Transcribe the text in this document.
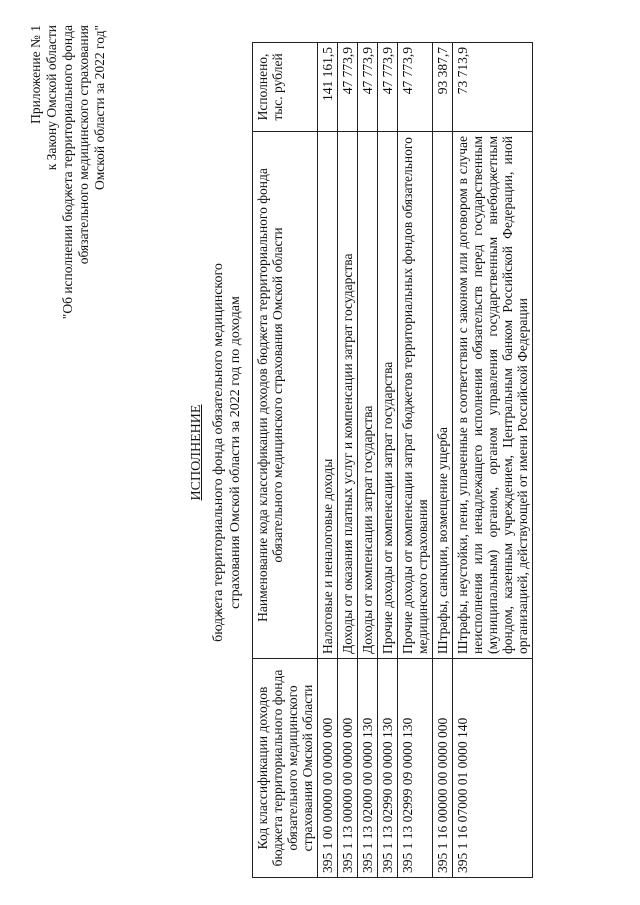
Приложение № 1 к Закону Омской области "Об исполнении бюджета территориального фонда обязательного медицинского страхования Омской области за 2022 год"
ИСПОЛНЕНИЕ бюджета территориального фонда обязательного медицинского страхования Омской области за 2022 год по доходам
Код классификации доходов бюджета территориального фонда обязательного медицинского страхования Омской области	Наименование кода классификации доходов бюджета территориального фонда обязательного медицинского страхования Омской области	Исполнено, тыс. рублей
395 1 00 00000 00 0000 000	Налоговые и неналоговые доходы	141 161,5
395 1 13 00000 00 0000 000	Доходы от оказания платных услуг и компенсации затрат государства	47 773,9
395 1 13 02000 00 0000 130	Доходы от компенсации затрат государства	47 773,9
395 1 13 02990 00 0000 130	Прочие доходы от компенсации затрат государства	47 773,9
395 1 13 02999 09 0000 130	Прочие доходы от компенсации затрат бюджетов территориальных фондов обязательного медицинского страхования	47 773,9
395 1 16 00000 00 0000 000	Штрафы, санкции, возмещение ущерба	93 387,7
395 1 16 07000 01 0000 140	Штрафы, неустойки, пени, уплаченные в соответствии с законом или договором в случае неисполнения или ненадлежащего исполнения обязательств перед государственным (муниципальным) органом, органом управления государственным внебюджетным фондом, казенным учреждением, Центральным банком Российской Федерации, иной организацией, действующей от имени Российской Федерации	73 713,9
